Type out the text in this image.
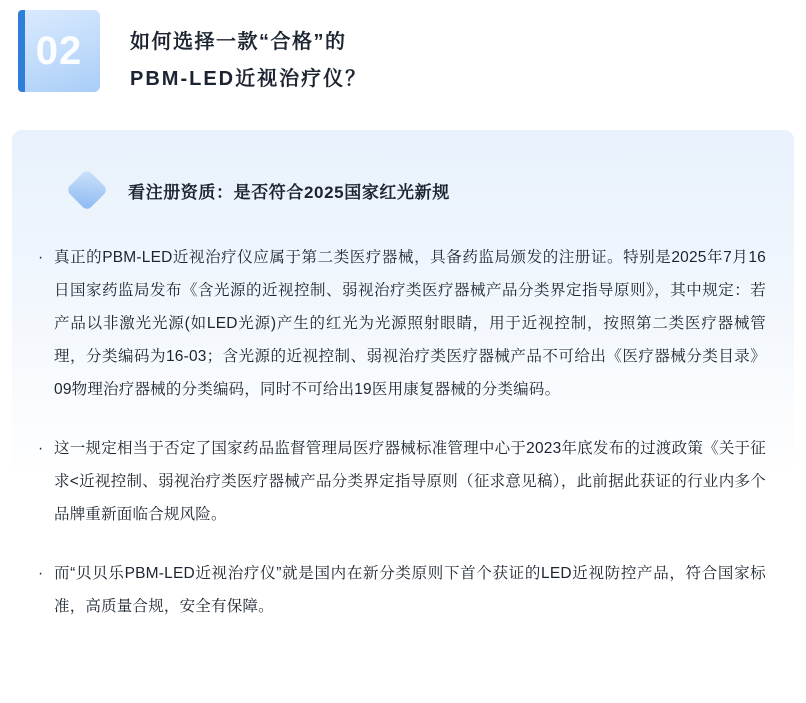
02 如何选择一款“合格”的
PBM-LED近视治疗仪？
看注册资质：是否符合2025国家红光新规
· 真正的PBM-LED近视治疗仪应属于第二类医疗器械，具备药监局颁发的注册证。特别是2025年7月16日国家药监局发布《含光源的近视控制、弱视治疗类医疗器械产品分类界定指导原则》，其中规定：若产品以非激光光源(如LED光源)产生的红光为光源照射眼睛，用于近视控制，按照第二类医疗器械管理，分类编码为16-03；含光源的近视控制、弱视治疗类医疗器械产品不可给出《医疗器械分类目录》09物理治疗器械的分类编码，同时不可给出19医用康复器械的分类编码。
· 这一规定相当于否定了国家药品监督管理局医疗器械标准管理中心于2023年底发布的过渡政策《关于征求<近视控制、弱视治疗类医疗器械产品分类界定指导原则（征求意见稿），此前据此获证的行业内多个品牌重新面临合规风险。
· 而“贝贝乐PBM-LED近视治疗仪”就是国内在新分类原则下首个获证的LED近视防控产品，符合国家标准，高质量合规，安全有保障。
